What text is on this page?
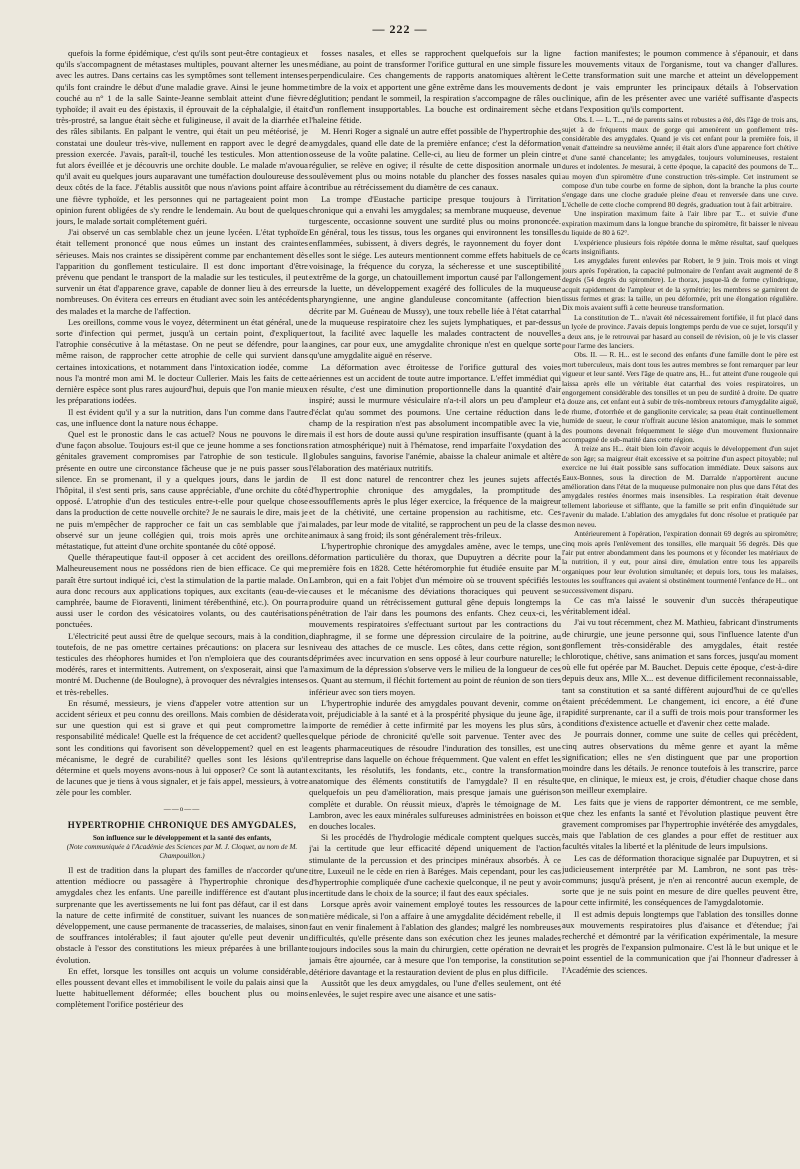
— 222 —

quefois la forme épidémique, c'est qu'ils sont peut-être contagieux et qu'ils s'accompagnent de métastases multiples, pouvant alterner les unes avec les autres. Dans certains cas les symptômes sont tellement intenses qu'ils font craindre le début d'une maladie grave. Ainsi le jeune homme couché au n° 1 de la salle Sainte-Jeanne semblait atteint d'une fièvre typhoïde; il avait eu des épistaxis, il éprouvait de la céphalalgie, il était très-prostré, sa langue était sèche et fuligineuse, il avait de la diarrhée et des râles sibilants. En palpant le ventre, qui était un peu météorisé, je constatai une douleur très-vive, nullement en rapport avec le degré de pression exercée. J'avais, paraît-il, touché les testicules. Mon attention fut alors éveillée et je découvris une orchite double. Le malade m'avoua qu'il avait eu quelques jours auparavant une tuméfaction douloureuse des deux côtés de la face. J'établis aussitôt que nous n'avions point affaire à une fièvre typhoïde, et les personnes qui ne partageaient point mon opinion furent obligées de s'y rendre le lendemain. Au bout de quelques jours, le malade sortait complétement guéri.

J'ai observé un cas semblable chez un jeune lycéen. L'état typhoïde était tellement prononcé que nous eûmes un instant des craintes sérieuses. Mais nos craintes se dissipèrent comme par enchantement dès l'apparition du gonflement testiculaire. Il est donc important d'être prévenu que pendant le transport de la maladie sur les testicules, il peut survenir un état d'apparence grave, capable de donner lieu à des erreurs nombreuses. On évitera ces erreurs en étudiant avec soin les antécédents des malades et la marche de l'affection.

Les oreillons, comme vous le voyez, déterminent un état général, une sorte d'infection qui permet, jusqu'à un certain point, d'expliquer l'atrophie consécutive à la métastase. On ne peut se défendre, pour la même raison, de rapprocher cette atrophie de celle qui survient dans certaines intoxications, et notamment dans l'intoxication iodée, comme nous l'a montré mon ami M. le docteur Cullerier. Mais les faits de cette dernière espèce sont plus rares aujourd'hui, depuis que l'on manie mieux les préparations iodées.

Il est évident qu'il y a sur la nutrition, dans l'un comme dans l'autre cas, une influence dont la nature nous échappe.

Quel est le pronostic dans le cas actuel? Nous ne pouvons le dire d'une façon absolue. Toujours est-il que ce jeune homme a ses fonctions génitales gravement compromises par l'atrophie de son testicule. Il présente en outre une circonstance fâcheuse que je ne puis passer sous silence. En se promenant, il y a quelques jours, dans le jardin de l'hôpital, il s'est senti pris, sans cause appréciable, d'une orchite du côté opposé. L'atrophie d'un des testicules entre-t-elle pour quelque chose dans la production de cette nouvelle orchite? Je ne saurais le dire, mais je ne puis m'empêcher de rapprocher ce fait un cas semblable que j'ai observé sur un jeune collégien qui, trois mois après une orchite métastatique, fut atteint d'une orchite spontanée du côté opposé.

Quelle thérapeutique faut-il opposer à cet accident des oreillons. Malheureusement nous ne possédons rien de bien efficace. Ce qui me paraît être surtout indiqué ici, c'est la stimulation de la partie malade. On aura donc recours aux applications topiques, aux excitants (eau-de-vie camphrée, baume de Fioraventi, liniment térébenthiné, etc.). On pourra aussi user le cordon des vésicatoires volants, ou des cautérisations ponctuées.

L'électricité peut aussi être de quelque secours, mais à la condition, toutefois, de ne pas omettre certaines précautions: on placera sur les testicules des rhéophores humides et l'on n'emploiera que des courants modérés, rares et intermittents. Autrement, on s'exposerait, ainsi que l'a montré M. Duchenne (de Boulogne), à provoquer des névralgies intenses et très-rebelles.

En résumé, messieurs, je viens d'appeler votre attention sur un accident sérieux et peu connu des oreillons. Mais combien de désiderata sur une question qui est si grave et qui peut compromettre la responsabilité médicale! Quelle est la fréquence de cet accident? quelles sont les conditions qui favorisent son développement? quel en est le mécanisme, le degré de curabilité? quelles sont les lésions qu'il détermine et quels moyens avons-nous à lui opposer? Ce sont là autant de lacunes que je tiens à vous signaler, et je fais appel, messieurs, à votre zèle pour les combler.

——o——
HYPERTROPHIE CHRONIQUE DES AMYGDALES,
Son influence sur le développement et la santé des enfants,
(Note communiquée à l'Académie des Sciences par M. J. Cloquet, au nom de M. Champouillon.)

Il est de tradition dans la plupart des familles de n'accorder qu'une attention médiocre ou passagère à l'hypertrophie chronique des amygdales chez les enfants. Une pareille indifférence est d'autant plus surprenante que les avertissements ne lui font pas défaut, car il est dans la nature de cette infirmité de constituer, suivant les nuances de son développement, une cause permanente de tracasseries, de malaises, sinon de souffrances intolérables; il faut ajouter qu'elle peut devenir un obstacle à l'essor des constitutions les mieux préparées à une brillante évolution.

En effet, lorsque les tonsilles ont acquis un volume considérable, elles poussent devant elles et immobilisent le voile du palais ainsi que la luette habituellement déformée; elles bouchent plus ou moins complètement l'orifice postérieur des

fosses nasales, et elles se rapprochent quelquefois sur la ligne médiane, au point de transformer l'orifice guttural en une simple fissure perpendiculaire. Ces changements de rapports anatomiques altèrent le timbre de la voix et apportent une gêne extrême dans les mouvements de déglutition; pendant le sommeil, la respiration s'accompagne de râles ou d'un ronflement insupportables. La bouche est ordinairement sèche et l'haleine fétide.

M. Henri Roger a signalé un autre effet possible de l'hypertrophie des amygdales, quand elle date de la première enfance; c'est la déformation osseuse de la voûte palatine. Celle-ci, au lieu de former un plein cintre régulier, se relève en ogive; il résulte de cette disposition anormale un soulèvement plus ou moins notable du plancher des fosses nasales qui contribue au rétrécissement du diamètre de ces canaux.

La trompe d'Eustache participe presque toujours à l'irritation chronique qui a envahi les amygdales; sa membrane muqueuse, devenue turgescente, occasionne souvent une surdité plus ou moins prononcée. En général, tous les tissus, tous les organes qui environnent les tonsilles enflammées, subissent, à divers degrés, le rayonnement du foyer dont elles sont le siége. Les auteurs mentionnent comme effets habituels de ce voisinage, la fréquence du coryza, la sécheresse et une susceptibilité extrême de la gorge, un chatouillement importun causé par l'allongement de la luette, un développement exagéré des follicules de la muqueuse pharyngienne, une angine glanduleuse concomitante (affection bien décrite par M. Guéneau de Mussy), une toux rebelle liée à l'état catarrhal de la muqueuse respiratoire chez les sujets lymphatiques, et par-dessus tout, la facilité avec laquelle les malades contractent de nouvelles angines, car pour eux, une amygdalite chronique n'est en quelque sorte qu'une amygdalite aiguë en réserve.

La déformation avec étroitesse de l'orifice guttural des voies aériennes est un accident de toute autre importance. L'effet immédiat qui en résulte, c'est une diminution proportionnelle dans la quantité d'air inspiré; aussi le murmure vésiculaire n'a-t-il alors un peu d'ampleur et d'éclat qu'au sommet des poumons. Une certaine réduction dans le champ de la respiration n'est pas absolument incompatible avec la vie, mais il est hors de doute aussi qu'une respiration insuffisante (quant à la ration atmosphérique) nuit à l'hématose, rend imparfaite l'oxydation des globules sanguins, favorise l'anémie, abaisse la chaleur animale et altère l'élaboration des matériaux nutritifs.

Il est donc naturel de rencontrer chez les jeunes sujets affectés d'hypertrophie chronique des amygdales, la promptitude des essoufflements après le plus léger exercice, la fréquence de la maigreur et de la chétivité, une certaine propension au rachitisme, etc. Ces malades, par leur mode de vitalité, se rapprochent un peu de la classe des animaux à sang froid; ils sont généralement très-frileux.

L'hypertrophie chronique des amygdales amène, avec le temps, une déformation particulière du thorax, que Dupuytren a décrite pour la première fois en 1828. Cette hétéromorphie fut étudiée ensuite par M. Lambron, qui en a fait l'objet d'un mémoire où se trouvent spécifiés les causes et le mécanisme des déviations thoraciques qui peuvent se produire quand un rétrécissement guttural gêne depuis longtemps la pénétration de l'air dans les poumons des enfants. Chez ceux-ci, les mouvements respiratoires s'effectuant surtout par les contractions du diaphragme, il se forme une dépression circulaire de la poitrine, au niveau des attaches de ce muscle. Les côtes, dans cette région, sont déprimées avec incurvation en sens opposé à leur courbure naturelle; le maximum de la dépression s'observe vers le milieu de la longueur de ces os. Quant au sternum, il fléchit fortement au point de réunion de son tiers inférieur avec son tiers moyen.

L'hypertrophie indurée des amygdales pouvant devenir, comme on voit, préjudiciable à la santé et à la prospérité physique du jeune âge, il importe de remédier à cette infirmité par les moyens les plus sûrs, à quelque période de chronicité qu'elle soit parvenue. Tenter avec des agents pharmaceutiques de résoudre l'induration des tonsilles, est une entreprise dans laquelle on échoue fréquemment. Que valent en effet les excitants, les résolutifs, les fondants, etc., contre la transformation anatomique des éléments constitutifs de l'amygdale? Il en résulte quelquefois un peu d'amélioration, mais presque jamais une guérison complète et durable. On réussit mieux, d'après le témoignage de M. Lambron, avec les eaux minérales sulfureuses administrées en boisson et en douches locales.

Si les procédés de l'hydrologie médicale comptent quelques succès, j'ai la certitude que leur efficacité dépend uniquement de l'action stimulante de la percussion et des principes minéraux absorbés. À ce titre, Luxeuil ne le cède en rien à Baréges. Mais cependant, pour les cas d'hypertrophie compliquée d'une cachexie quelconque, il ne peut y avoir incertitude dans le choix de la source; il faut des eaux spéciales.

Lorsque après avoir vainement employé toutes les ressources de la matière médicale, si l'on a affaire à une amygdalite décidément rebelle, il faut en venir finalement à l'ablation des glandes; malgré les nombreuses difficultés, qu'elle présente dans son exécution chez les jeunes malades toujours indociles sous la main du chirurgien, cette opération ne devrait jamais être ajournée, car à mesure que l'on temporise, la constitution se détériore davantage et la restauration devient de plus en plus difficile.

Aussitôt que les deux amygdales, ou l'une d'elles seulement, ont été enlevées, le sujet respire avec une aisance et une satis-

faction manifestes; le poumon commence à s'épanouir, et dans les mouvements vitaux de l'organisme, tout va changer d'allures. Cette transformation suit une marche et atteint un développement dont je vais emprunter les principaux détails à l'observation clinique, afin de les présenter avec une variété suffisante d'aspects dans l'exposition qu'ils comportent.

Obs. I. — L. T..., né de parents sains et robustes a été, dès l'âge de trois ans, sujet à de fréquents maux de gorge qui amenèrent un gonflement très-considérable des amygdales. Quand je vis cet enfant pour la première fois, il venait d'atteindre sa neuvième année; il était alors d'une apparence fort chétive et d'une santé chancelante; les amygdales, toujours volumineuses, restaient dures et indolentes. Je mesurai, à cette époque, la capacité des poumons de T... au moyen d'un spiromètre d'une construction très-simple. Cet instrument se compose d'un tube courbe en forme de siphon, dont la branche la plus courte s'engage dans une cloche graduée pleine d'eau et renversée dans une cuve. L'échelle de cette cloche comprend 80 degrés, graduation tout à fait arbitraire.

Une inspiration maximum faite à l'air libre par T... et suivie d'une expiration maximum dans la longue branche du spiromètre, fit baisser le niveau du liquide de 80 à 62°.

L'expérience plusieurs fois répétée donna le même résultat, sauf quelques écarts insignifiants.

Les amygdales furent enlevées par Robert, le 9 juin. Trois mois et vingt jours après l'opération, la capacité pulmonaire de l'enfant avait augmenté de 8 degrés (54 degrés du spiromètre). Le thorax, jusque-là de forme cylindrique, acquit rapidement de l'ampleur et de la symétrie; les membres se garnirent de tissus fermes et gras: la taille, un peu déformée, prit une élongation régulière. Dix mois avaient suffi à cette heureuse transformation.

La constitution de T... n'avait été nécessairement fortifiée, il fut placé dans un lycée de province. J'avais depuis longtemps perdu de vue ce sujet, lorsqu'il y a deux ans, je le retrouvai par hasard au conseil de révision, où je le vis classer pour l'arme des lanciers.

Obs. II. — R. H... est le second des enfants d'une famille dont le père est mort tuberculeux, mais dont tous les autres membres se font remarquer par leur vigueur et leur santé. Vers l'âge de quatre ans, H... fut atteint d'une rougeole qui laissa après elle un véritable état catarrhal des voies respiratoires, un engorgement considérable des tonsilles et un peu de surdité à droite. De quatre à douze ans, cet enfant eut à subir de très-nombreux retours d'amygdalite aiguë, de rhume, d'otorrhée et de ganglionite cervicale; sa peau était continuellement humide de sueur, le cœur n'offrait aucune lésion anatomique, mais le sommet des poumons devenait fréquemment le siége d'un mouvement fluxionnaire accompagné de sub-matité dans cette région.

À treize ans H... était bien loin d'avoir acquis le développement d'un sujet de son âge; sa maigreur était excessive et sa poitrine d'un aspect pitoyable; nul exercice ne lui était possible sans suffocation immédiate. Deux saisons aux Eaux-Bonnes, sous la direction de M. Darralde n'apportèrent aucune amélioration dans l'état de la muqueuse pulmonaire non plus que dans l'état des amygdales restées énormes mais insensibles. La respiration était devenue tellement laborieuse et sifflante, que la famille se prit enfin d'inquiétude sur l'avenir du malade. L'ablation des amygdales fut donc résolue et pratiquée par mon neveu.

Antérieurement à l'opération, l'expiration donnait 69 degrés au spiromètre; cinq mois après l'enlèvement des tonsilles, elle marquait 56 degrés. Dès que l'air put entrer abondamment dans les poumons et y féconder les matériaux de la nutrition, il y eut, pour ainsi dire, émulation entre tous les appareils organiques pour leur évolution simultanée; et depuis lors, tous les malaises, toutes les souffrances qui avaient si obstinément tourmenté l'enfance de H... ont successivement disparu.

Ce cas m'a laissé le souvenir d'un succès thérapeutique véritablement idéal.

J'ai vu tout récemment, chez M. Mathieu, fabricant d'instruments de chirurgie, une jeune personne qui, sous l'influence latente d'un gonflement très-considérable des amygdales, était restée chlorotique, chétive, sans animation et sans forces, jusqu'au moment où elle fut opérée par M. Bauchet. Depuis cette époque, c'est-à-dire depuis deux ans, Mlle X... est devenue difficilement reconnaissable, tant sa constitution et sa santé diffèrent aujourd'hui de ce qu'elles étaient précédemment. Le changement, ici encore, a été d'une rapidité surprenante, car il a suffi de trois mois pour transformer les conditions d'existence actuelle et d'avenir chez cette malade.

Je pourrais donner, comme une suite de celles qui précèdent, cinq autres observations du même genre et ayant la même signification; elles ne s'en distinguent que par une proportion moindre dans les détails. Je renonce toutefois à les transcrire, parce que, en clinique, le mieux est, je crois, d'étudier chaque chose dans son meilleur exemplaire.

Les faits que je viens de rapporter démontrent, ce me semble, que chez les enfants la santé et l'évolution plastique peuvent être gravement compromises par l'hypertrophie invétérée des amygdales, mais que l'ablation de ces glandes a pour effet de restituer aux facultés vitales la liberté et la plénitude de leurs impulsions.

Les cas de déformation thoracique signalée par Dupuytren, et si judicieusement interprétée par M. Lambron, ne sont pas très-communs; jusqu'à présent, je n'en ai rencontré aucun exemple, de sorte que je ne suis point en mesure de dire quelles peuvent être, pour cette infirmité, les conséquences de l'amygdalotomie.

Il est admis depuis longtemps que l'ablation des tonsilles donne aux mouvements respiratoires plus d'aisance et d'étendue; j'ai recherché et démontré par la vérification expérimentale, la mesure et les progrès de l'expansion pulmonaire. C'est là le but unique et le point essentiel de la communication que j'ai l'honneur d'adresser à l'Académie des sciences.
